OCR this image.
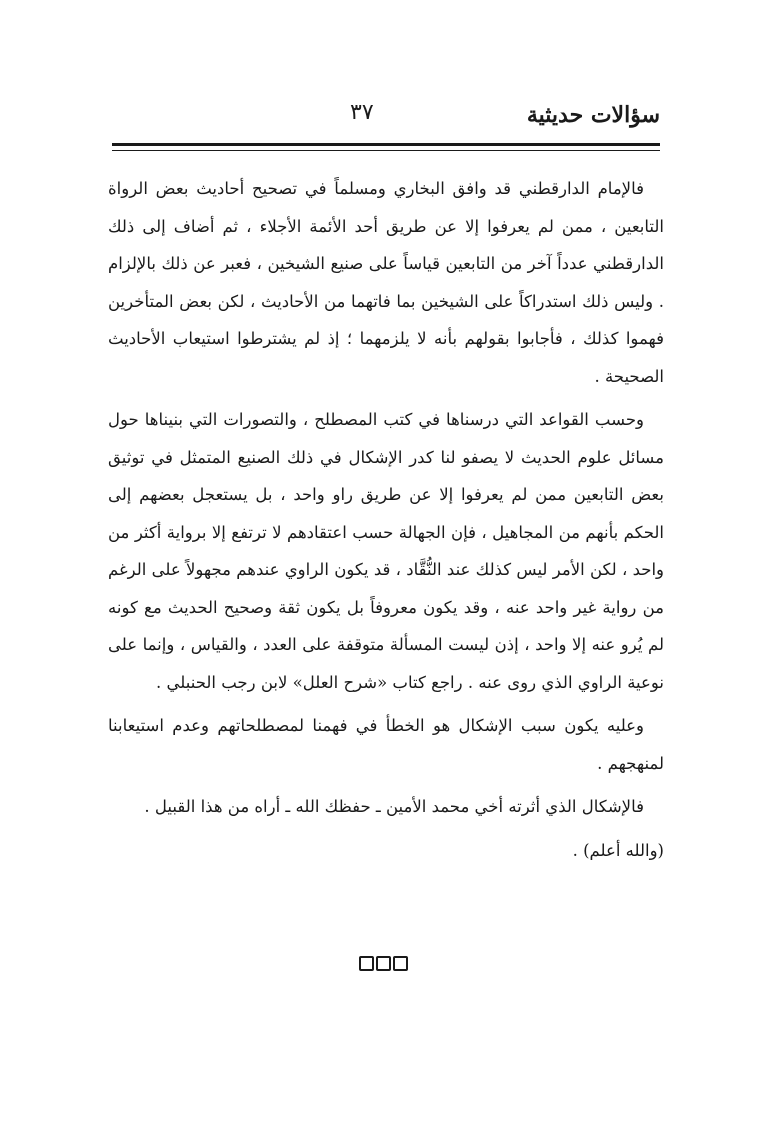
سؤالات حديثية
٣٧

فالإمام الدارقطني قد وافق البخاري ومسلماً في تصحيح أحاديث بعض الرواة التابعين ، ممن لم يعرفوا إلا عن طريق أحد الأئمة الأجلاء ، ثم أضاف إلى ذلك الدارقطني عدداً آخر من التابعين قياساً على صنيع الشيخين ، فعبر عن ذلك بالإلزام . وليس ذلك استدراكاً على الشيخين بما فاتهما من الأحاديث ، لكن بعض المتأخرين فهموا كذلك ، فأجابوا بقولهم بأنه لا يلزمهما ؛ إذ لم يشترطوا استيعاب الأحاديث الصحيحة .

وحسب القواعد التي درسناها في كتب المصطلح ، والتصورات التي بنيناها حول مسائل علوم الحديث لا يصفو لنا كدر الإشكال في ذلك الصنيع المتمثل في توثيق بعض التابعين ممن لم يعرفوا إلا عن طريق راو واحد ، بل يستعجل بعضهم إلى الحكم بأنهم من المجاهيل ، فإن الجهالة حسب اعتقادهم لا ترتفع إلا برواية أكثر من واحد ، لكن الأمر ليس كذلك عند النُّقَّاد ، قد يكون الراوي عندهم مجهولاً على الرغم من رواية غير واحد عنه ، وقد يكون معروفاً بل يكون ثقة وصحيح الحديث مع كونه لم يُرو عنه إلا واحد ، إذن ليست المسألة متوقفة على العدد ، والقياس ، وإنما على نوعية الراوي الذي روى عنه . راجع كتاب «شرح العلل» لابن رجب الحنبلي .

وعليه يكون سبب الإشكال هو الخطأ في فهمنا لمصطلحاتهم وعدم استيعابنا لمنهجهم .

فالإشكال الذي أثرته أخي محمد الأمين ـ حفظك الله ـ أراه من هذا القبيل .

(والله أعلم) .
